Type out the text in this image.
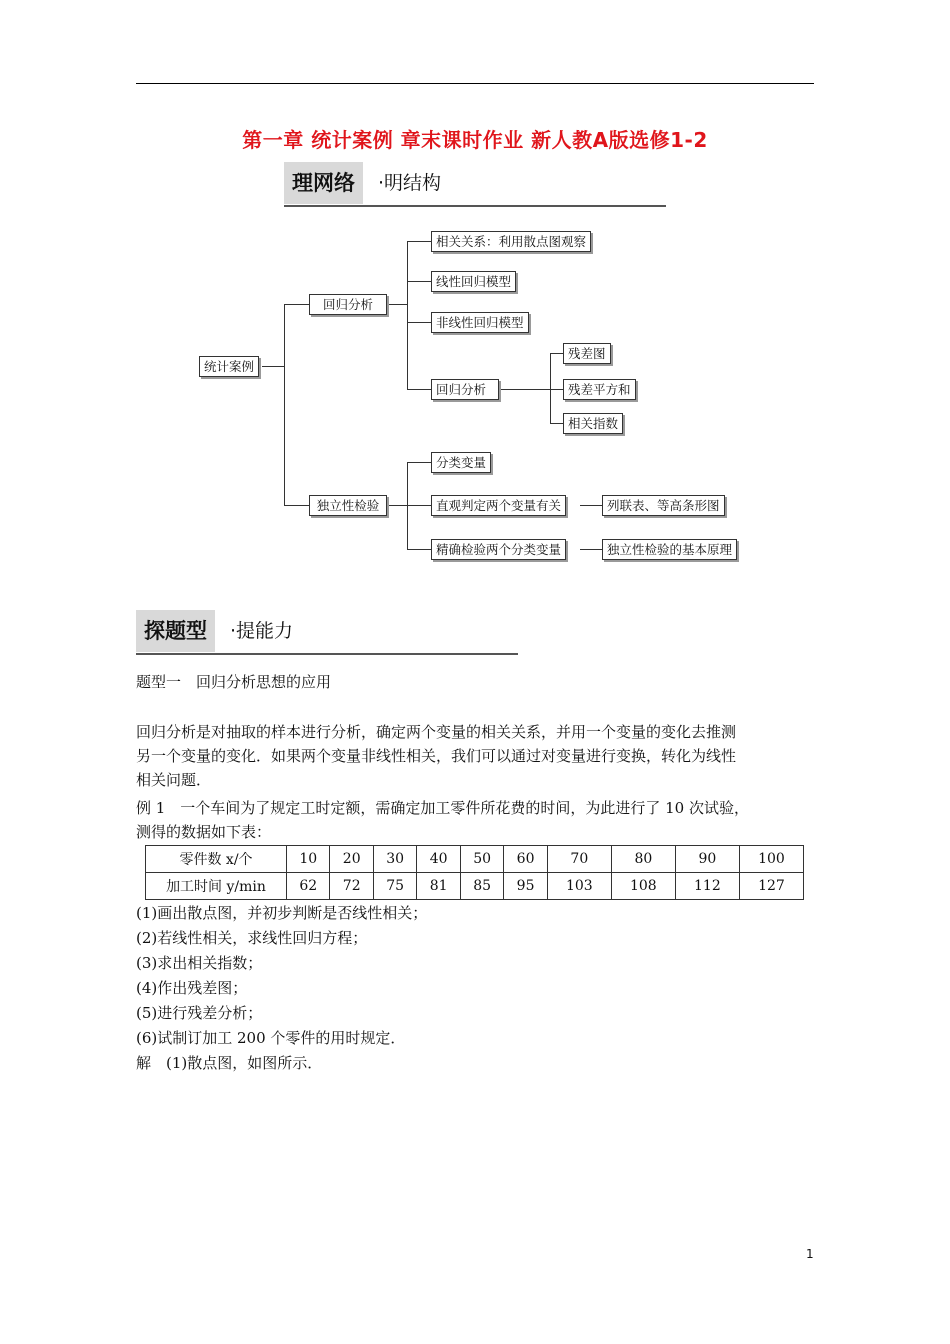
第一章 统计案例 章末课时作业 新人教A版选修1-2
理网络	·明结构
统计案例
回归分析
相关关系：利用散点图观察
线性回归模型
非线性回归模型
回归分析
残差图
残差平方和
相关指数
独立性检验
分类变量
直观判定两个变量有关
精确检验两个分类变量
列联表、等高条形图
独立性检验的基本原理
探题型	·提能力
题型一　回归分析思想的应用
回归分析是对抽取的样本进行分析，确定两个变量的相关关系，并用一个变量的变化去推测
另一个变量的变化．如果两个变量非线性相关，我们可以通过对变量进行变换，转化为线性
相关问题．
例 1　一个车间为了规定工时定额，需确定加工零件所花费的时间，为此进行了 10 次试验，
测得的数据如下表：
零件数 x/个	10	20	30	40	50	60	70	80	90	100
加工时间 y/min	62	72	75	81	85	95	103	108	112	127
(1)画出散点图，并初步判断是否线性相关；
(2)若线性相关，求线性回归方程；
(3)求出相关指数；
(4)作出残差图；
(5)进行残差分析；
(6)试制订加工 200 个零件的用时规定．
解　(1)散点图，如图所示．
1
